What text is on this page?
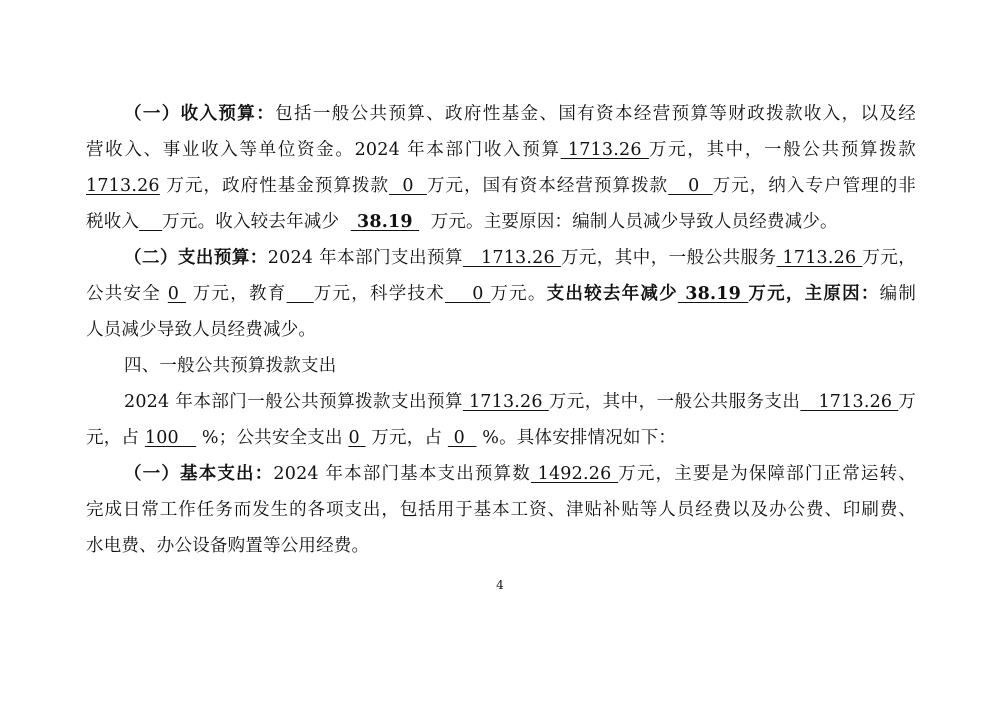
（一）收入预算：包括一般公共预算、政府性基金、国有资本经营预算等财政拨款收入，以及经
营收入、事业收入等单位资金。2024 年本部门收入预算 1713.26 万元，其中，一般公共预算拨款
1713.26 万元，政府性基金预算拨款  0  万元，国有资本经营预算拨款   0  万元，纳入专户管理的非
税收入 万元。收入较去年减少   38.19   万元。主要原因：编制人员减少导致人员经费减少。
（二）支出预算：2024 年本部门支出预算   1713.26 万元，其中，一般公共服务 1713.26 万元，
公共安全 0  万元，教育 万元，科学技术    0 万元。支出较去年减少 38.19 万元，主原因：编制
人员减少导致人员经费减少。
四、一般公共预算拨款支出
2024 年本部门一般公共预算拨款支出预算 1713.26 万元，其中，一般公共服务支出   1713.26 万
元，占 100    %；公共安全支出 0  万元，占  0   %。具体安排情况如下：
（一）基本支出：2024 年本部门基本支出预算数 1492.26 万元，主要是为保障部门正常运转、
完成日常工作任务而发生的各项支出，包括用于基本工资、津贴补贴等人员经费以及办公费、印刷费、
水电费、办公设备购置等公用经费。
4
